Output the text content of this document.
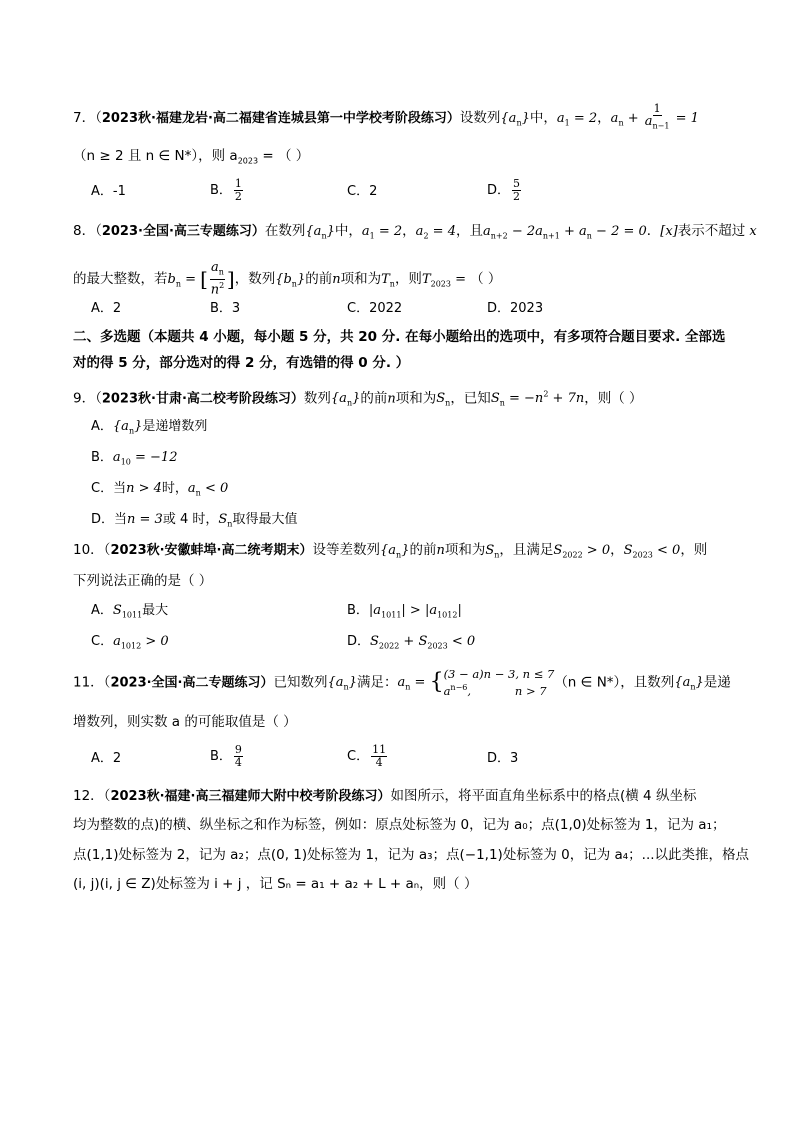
7．（2023秋·福建龙岩·高二福建省连城县第一中学校考阶段练习）设数列$\{a_n\}$中，$a_1 = 2$，$a_n + \frac{1}{a_{n-1}} = 1$
（n ≥ 2 且 n ∈ N*），则 $a_{2023}$ = （ ）
A．-1	B． $\frac{1}{2}$	C．2	D． $\frac{5}{2}$
8．（2023·全国·高三专题练习）在数列$\{a_n\}$中，$a_1 = 2$，$a_2 = 4$，且$a_{n+2} - 2a_{n+1} + a_n - 2 = 0$．[x]表示不超过 x
的最大整数，若$b_n$ = [ $\frac{a_n}{n^2}$ ]，数列$\{b_n\}$的前n项和为$T_n$，则$T_{2023}$ = （ ）
A．2	B．3	C．2022	D．2023
二、多选题（本题共 4 小题，每小题 5 分，共 20 分. 在每小题给出的选项中，有多项符合题目要求. 全部选
对的得 5 分，部分选对的得 2 分，有选错的得 0 分. ）
9．（2023秋·甘肃·高二校考阶段练习）数列$\{a_n\}$的前n项和为$S_n$，已知$S_n = -n^2 + 7n$，则（ ）
A．$\{a_n\}$是递增数列
B．$a_{10} = -12$
C．当n > 4时，$a_n < 0$
D．当n = 3或 4 时，$S_n$取得最大值
10．（2023秋·安徽蚌埠·高二统考期末）设等差数列$\{a_n\}$的前n项和为$S_n$，且满足$S_{2022} > 0$，$S_{2023} < 0$，则
下列说法正确的是（ ）
A．$S_{1011}$最大	B．$|a_{1011}| > |a_{1012}|$
C．$a_{1012} > 0$	D．$S_{2022} + S_{2023} < 0$
11．（2023·全国·高二专题练习）已知数列$\{a_n\}$满足：$a_n$ = { (3 − a)n − 3, n ≤ 7
$a^{n-6}$,            n > 7
（n ∈ N*），且数列$\{a_n\}$是递
增数列，则实数 a 的可能取值是（ ）
A．2	B． $\frac{9}{4}$	C． $\frac{11}{4}$	D．3
12．（2023秋·福建·高三福建师大附中校考阶段练习）如图所示，将平面直角坐标系中的格点(横 4 纵坐标
均为整数的点)的横、纵坐标之和作为标签，例如：原点处标签为 0，记为 a₀；点(1,0)处标签为 1，记为 a₁；
点(1,1)处标签为 2，记为 a₂；点(0, 1)处标签为 1，记为 a₃；点(−1,1)处标签为 0，记为 a₄；...以此类推，格点
(i, j)(i, j ∈ Z)处标签为 i + j ，记 Sₙ = a₁ + a₂ + L + aₙ，则（ ）
